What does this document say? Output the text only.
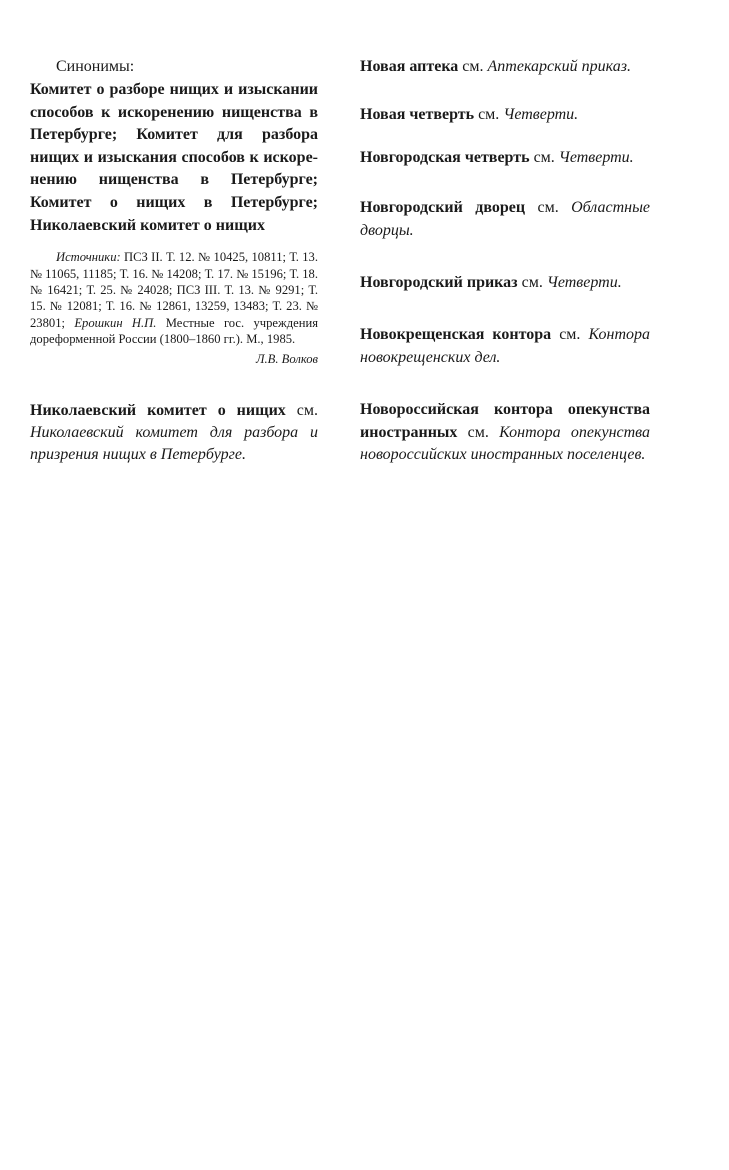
Синонимы:

Комитет о разборе нищих и изыскании способов к искоренению нищенства в Петербурге; Комитет для разбора нищих и изыскания способов к искоренению нищенства в Петербурге; Комитет о нищих в Петербурге; Николаевский комитет о нищих

Источники: ПСЗ II. Т. 12. № 10425, 10811; Т. 13. № 11065, 11185; Т. 16. № 14208; Т. 17. № 15196; Т. 18. № 16421; Т. 25. № 24028; ПСЗ III. Т. 13. № 9291; Т. 15. № 12081; Т. 16. № 12861, 13259, 13483; Т. 23. № 23801; Ерошкин Н.П. Местные гос. учреждения дореформенной России (1800–1860 гг.). М., 1985.

Л.В. Волков

Николаевский комитет о нищих см. Николаевский комитет для разбора и призрения нищих в Петербурге.

Новая аптека см. Аптекарский приказ.

Новая четверть см. Четверти.

Новгородская четверть см. Четверти.

Новгородский дворец см. Областные дворцы.

Новгородский приказ см. Четверти.

Новокрещенская контора см. Контора новокрещенских дел.

Новороссийская контора опекунства иностранных см. Контора опекунства новороссийских иностранных поселенцев.
